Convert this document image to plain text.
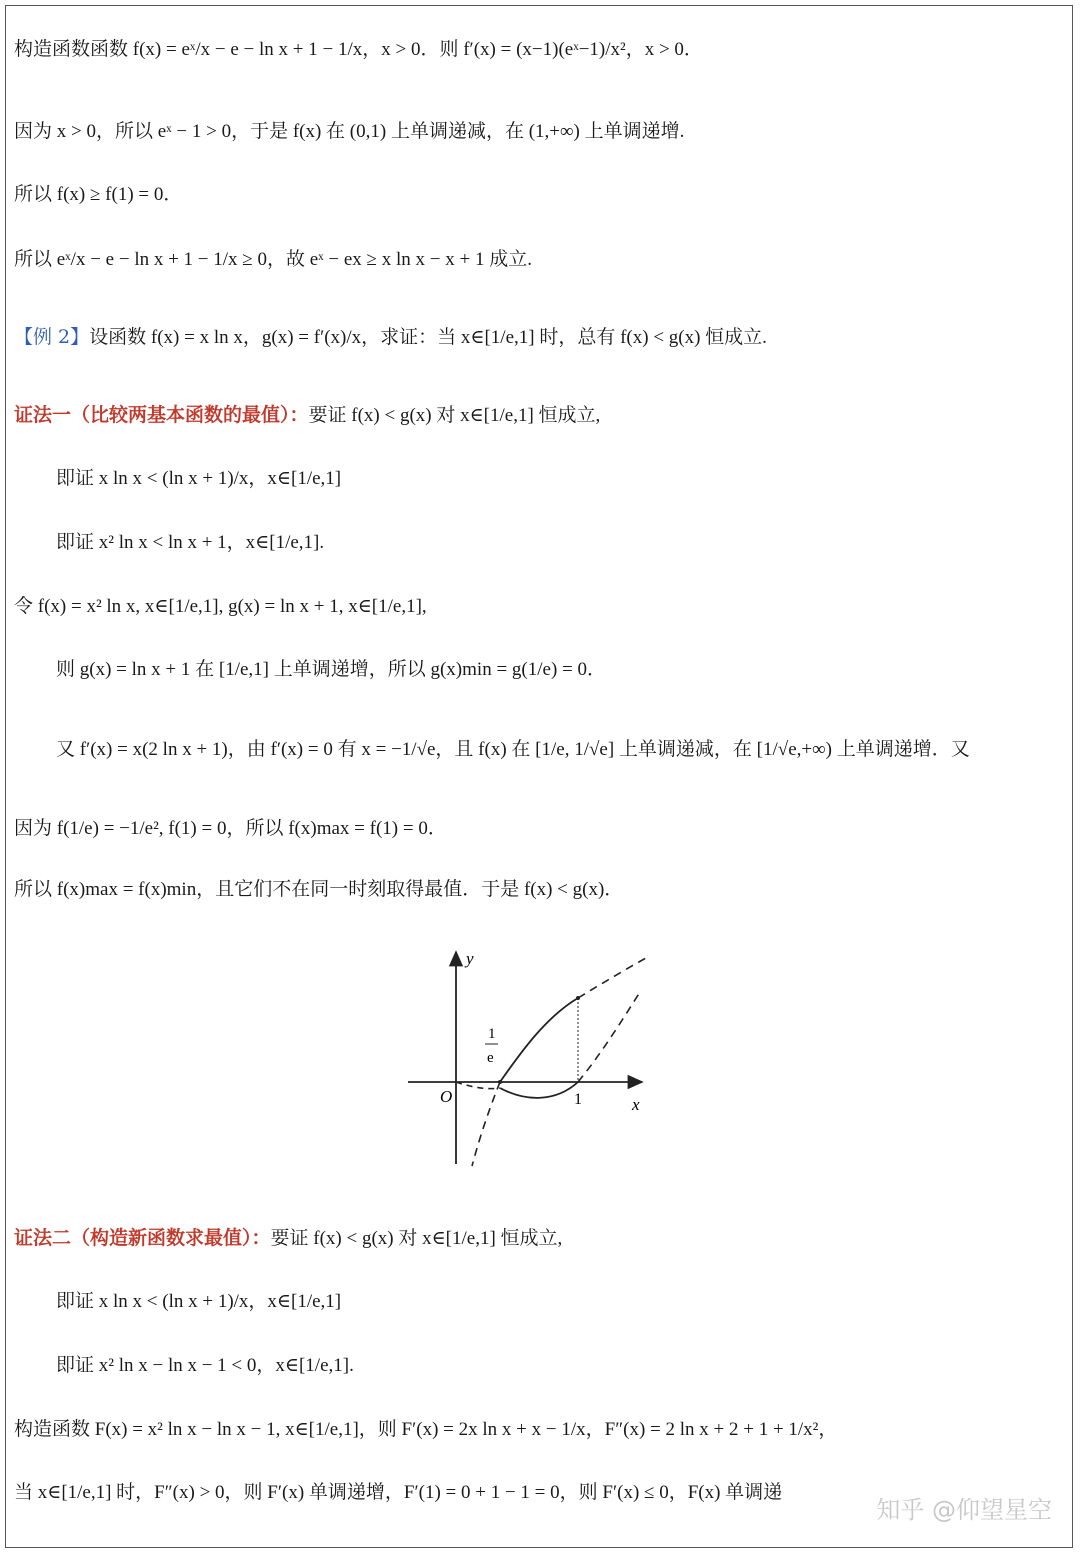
构造函数函数 f(x) = eˣ/x − e − ln x + 1 − 1/x，x > 0．则 f′(x) = (x−1)(eˣ−1)/x²，x > 0．
因为 x > 0，所以 eˣ − 1 > 0，于是 f(x) 在 (0,1) 上单调递减，在 (1,+∞) 上单调递增.
所以 f(x) ≥ f(1) = 0．
所以 eˣ/x − e − ln x + 1 − 1/x ≥ 0，故 eˣ − ex ≥ x ln x − x + 1 成立.
【例 2】设函数 f(x) = x ln x，g(x) = f′(x)/x，求证：当 x∈[1/e,1] 时，总有 f(x) < g(x) 恒成立.
证法一（比较两基本函数的最值）：要证 f(x) < g(x) 对 x∈[1/e,1] 恒成立,
即证 x ln x < (ln x + 1)/x，x∈[1/e,1]
即证 x² ln x < ln x + 1，x∈[1/e,1].
令 f(x) = x² ln x, x∈[1/e,1], g(x) = ln x + 1, x∈[1/e,1],
则 g(x) = ln x + 1 在 [1/e,1] 上单调递增，所以 g(x)min = g(1/e) = 0．
又 f′(x) = x(2 ln x + 1)，由 f′(x) = 0 有 x = −1/√e，且 f(x) 在 [1/e, 1/√e] 上单调递减，在 [1/√e,+∞) 上单调递增．又
因为 f(1/e) = −1/e², f(1) = 0，所以 f(x)max = f(1) = 0．
所以 f(x)max = f(x)min，且它们不在同一时刻取得最值．于是 f(x) < g(x)．
y
x
O	1
1
e
证法二（构造新函数求最值）：要证 f(x) < g(x) 对 x∈[1/e,1] 恒成立,
即证 x ln x < (ln x + 1)/x，x∈[1/e,1]
即证 x² ln x − ln x − 1 < 0，x∈[1/e,1].
构造函数 F(x) = x² ln x − ln x − 1, x∈[1/e,1]，则 F′(x) = 2x ln x + x − 1/x，F″(x) = 2 ln x + 2 + 1 + 1/x²，
当 x∈[1/e,1] 时，F″(x) > 0，则 F′(x) 单调递增，F′(1) = 0 + 1 − 1 = 0，则 F′(x) ≤ 0，F(x) 单调递
知乎 @仰望星空
